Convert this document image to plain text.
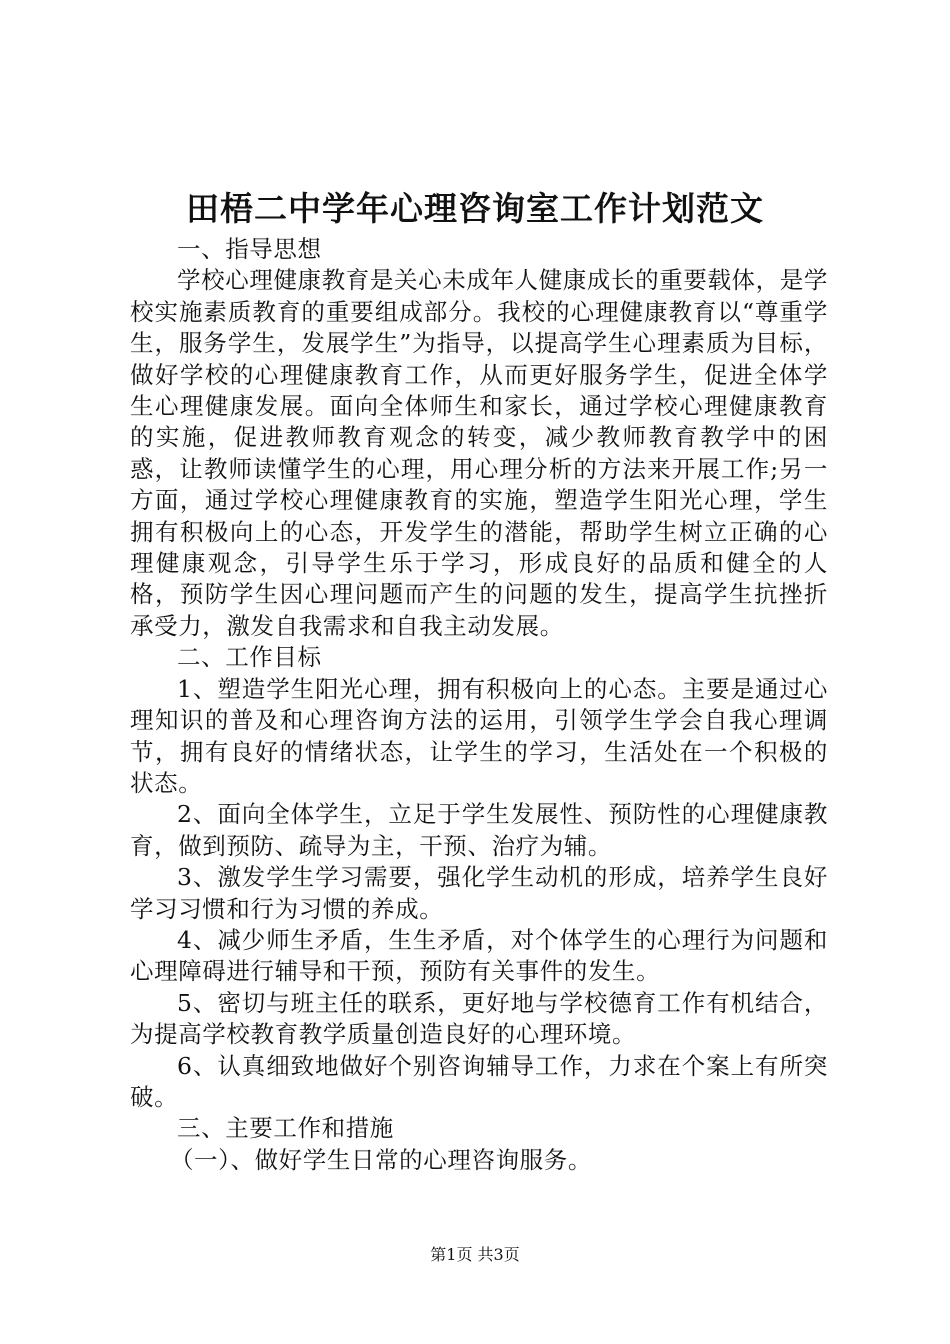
田梧二中学年心理咨询室工作计划范文

一、指导思想

学校心理健康教育是关心未成年人健康成长的重要载体，是学校实施素质教育的重要组成部分。我校的心理健康教育以“尊重学生，服务学生，发展学生”为指导，以提高学生心理素质为目标，做好学校的心理健康教育工作，从而更好服务学生，促进全体学生心理健康发展。面向全体师生和家长，通过学校心理健康教育的实施，促进教师教育观念的转变，减少教师教育教学中的困惑，让教师读懂学生的心理，用心理分析的方法来开展工作;另一方面，通过学校心理健康教育的实施，塑造学生阳光心理，学生拥有积极向上的心态，开发学生的潜能，帮助学生树立正确的心理健康观念，引导学生乐于学习，形成良好的品质和健全的人格，预防学生因心理问题而产生的问题的发生，提高学生抗挫折承受力，激发自我需求和自我主动发展。

二、工作目标

1、塑造学生阳光心理，拥有积极向上的心态。主要是通过心理知识的普及和心理咨询方法的运用，引领学生学会自我心理调节，拥有良好的情绪状态，让学生的学习，生活处在一个积极的状态。

2、面向全体学生，立足于学生发展性、预防性的心理健康教育，做到预防、疏导为主，干预、治疗为辅。

3、激发学生学习需要，强化学生动机的形成，培养学生良好学习习惯和行为习惯的养成。

4、减少师生矛盾，生生矛盾，对个体学生的心理行为问题和心理障碍进行辅导和干预，预防有关事件的发生。

5、密切与班主任的联系，更好地与学校德育工作有机结合，为提高学校教育教学质量创造良好的心理环境。

6、认真细致地做好个别咨询辅导工作，力求在个案上有所突破。

三、主要工作和措施

（一）、做好学生日常的心理咨询服务。

第1页 共3页
